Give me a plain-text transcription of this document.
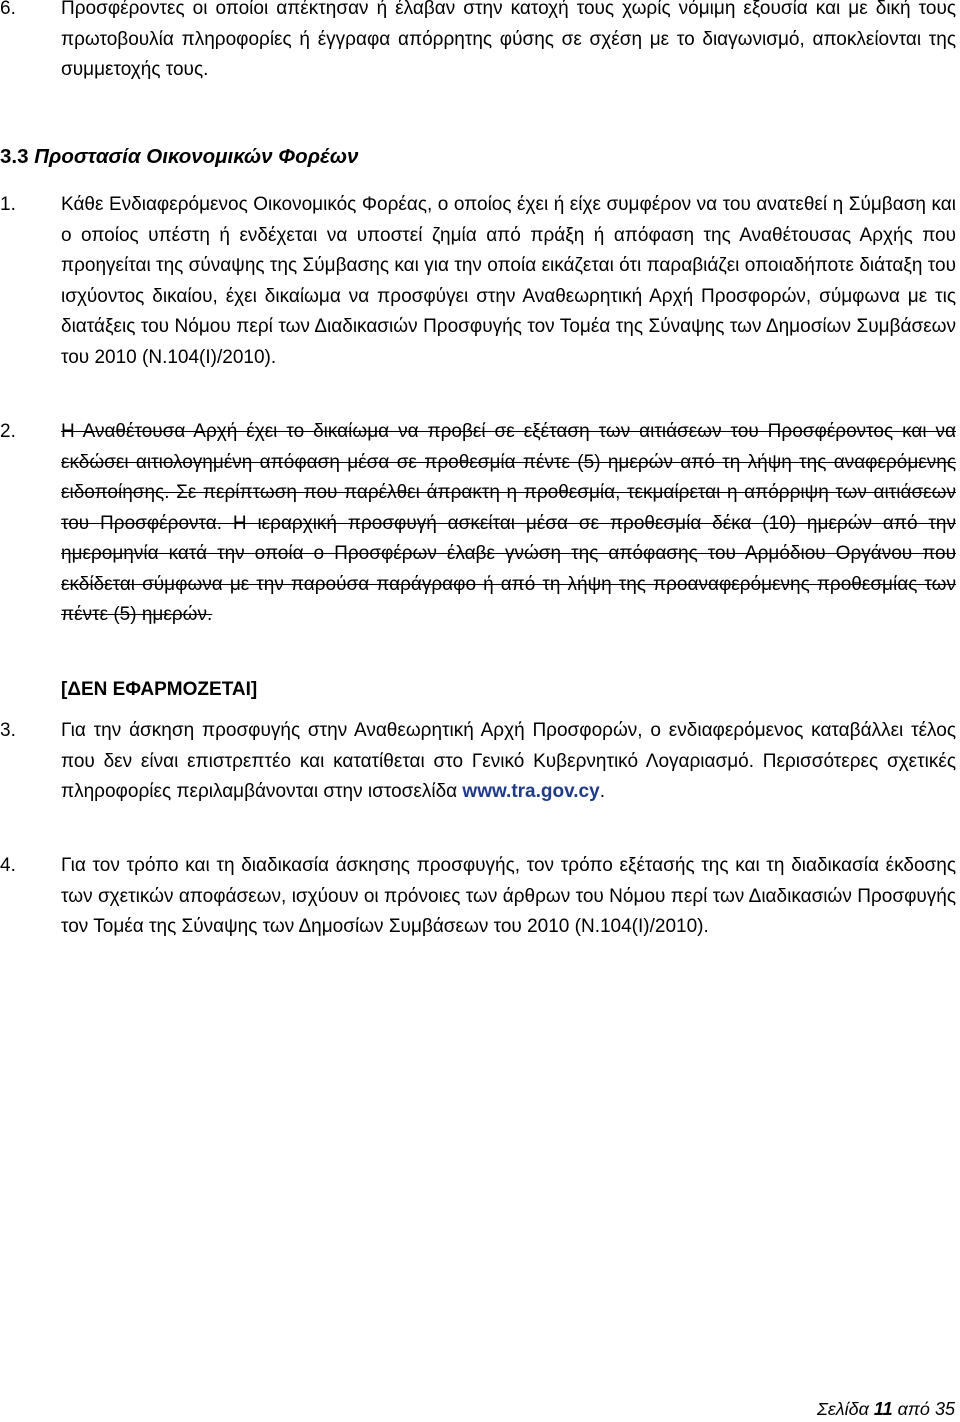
6. Προσφέροντες οι οποίοι απέκτησαν ή έλαβαν στην κατοχή τους χωρίς νόμιμη εξουσία και με δική τους πρωτοβουλία πληροφορίες ή έγγραφα απόρρητης φύσης σε σχέση με το διαγωνισμό, αποκλείονται της συμμετοχής τους.
3.3 Προστασία Οικονομικών Φορέων
1. Κάθε Ενδιαφερόμενος Οικονομικός Φορέας, ο οποίος έχει ή είχε συμφέρον να του ανατεθεί η Σύμβαση και ο οποίος υπέστη ή ενδέχεται να υποστεί ζημία από πράξη ή απόφαση της Αναθέτουσας Αρχής που προηγείται της σύναψης της Σύμβασης και για την οποία εικάζεται ότι παραβιάζει οποιαδήποτε διάταξη του ισχύοντος δικαίου, έχει δικαίωμα να προσφύγει στην Αναθεωρητική Αρχή Προσφορών, σύμφωνα με τις διατάξεις του Νόμου περί των Διαδικασιών Προσφυγής τον Τομέα της Σύναψης των Δημοσίων Συμβάσεων του 2010 (Ν.104(Ι)/2010).
2. Η Αναθέτουσα Αρχή έχει το δικαίωμα να προβεί σε εξέταση των αιτιάσεων του Προσφέροντος και να εκδώσει αιτιολογημένη απόφαση μέσα σε προθεσμία πέντε (5) ημερών από τη λήψη της αναφερόμενης ειδοποίησης. Σε περίπτωση που παρέλθει άπρακτη η προθεσμία, τεκμαίρεται η απόρριψη των αιτιάσεων του Προσφέροντα. Η ιεραρχική προσφυγή ασκείται μέσα σε προθεσμία δέκα (10) ημερών από την ημερομηνία κατά την οποία ο Προσφέρων έλαβε γνώση της απόφασης του Αρμόδιου Οργάνου που εκδίδεται σύμφωνα με την παρούσα παράγραφο ή από τη λήψη της προαναφερόμενης προθεσμίας των πέντε (5) ημερών.
[ΔΕΝ ΕΦΑΡΜΟΖΕΤΑΙ]
3. Για την άσκηση προσφυγής στην Αναθεωρητική Αρχή Προσφορών, ο ενδιαφερόμενος καταβάλλει τέλος που δεν είναι επιστρεπτέο και κατατίθεται στο Γενικό Κυβερνητικό Λογαριασμό. Περισσότερες σχετικές πληροφορίες περιλαμβάνονται στην ιστοσελίδα www.tra.gov.cy.
4. Για τον τρόπο και τη διαδικασία άσκησης προσφυγής, τον τρόπο εξέτασής της και τη διαδικασία έκδοσης των σχετικών αποφάσεων, ισχύουν οι πρόνοιες των άρθρων του Νόμου περί των Διαδικασιών Προσφυγής τον Τομέα της Σύναψης των Δημοσίων Συμβάσεων του 2010 (Ν.104(Ι)/2010).
Σελίδα 11 από 35
